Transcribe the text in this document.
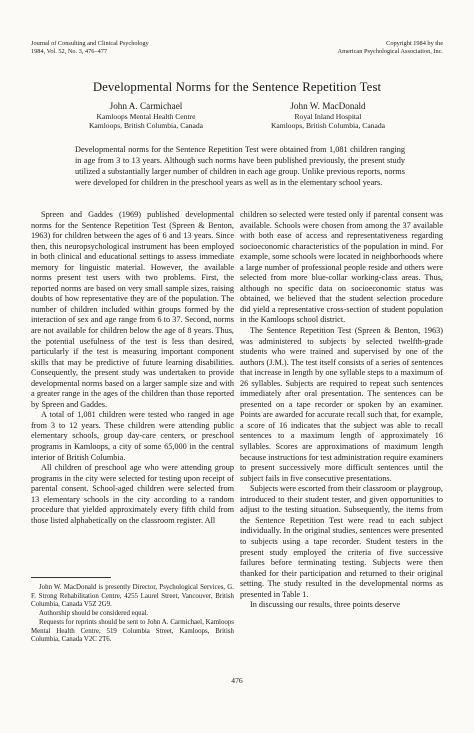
Journal of Consulting and Clinical Psychology
1984, Vol. 52, No. 3, 476–477
Copyright 1984 by the
American Psychological Association, Inc.
Developmental Norms for the Sentence Repetition Test
John A. Carmichael
Kamloops Mental Health Centre
Kamloops, British Columbia, Canada
John W. MacDonald
Royal Inland Hospital
Kamloops, British Columbia, Canada
Developmental norms for the Sentence Repetition Test were obtained from 1,081 children ranging in age from 3 to 13 years. Although such norms have been published previously, the present study utilized a substantially larger number of children in each age group. Unlike previous reports, norms were developed for children in the preschool years as well as in the elementary school years.

Spreen and Gaddes (1969) published developmental norms for the Sentence Repetition Test (Spreen & Benton, 1963) for children between the ages of 6 and 13 years. Since then, this neuropsychological instrument has been employed in both clinical and educational settings to assess immediate memory for linguistic material. However, the available norms present test users with two problems. First, the reported norms are based on very small sample sizes, raising doubts of how representative they are of the population. The number of children included within groups formed by the interaction of sex and age range from 6 to 37. Second, norms are not available for children below the age of 8 years. Thus, the potential usefulness of the test is less than desired, particularly if the test is measuring important component skills that may be predictive of future learning disabilities. Consequently, the present study was undertaken to provide developmental norms based on a larger sample size and with a greater range in the ages of the children than those reported by Spreen and Gaddes.

A total of 1,081 children were tested who ranged in age from 3 to 12 years. These children were attending public elementary schools, group day-care centers, or preschool programs in Kamloops, a city of some 65,000 in the central interior of British Columbia.

All children of preschool age who were attending group programs in the city were selected for testing upon receipt of parental consent. School-aged children were selected from 13 elementary schools in the city according to a random procedure that yielded approximately every fifth child from those listed alphabetically on the classroom register. All

John W. MacDonald is presently Director, Psychological Services, G. F. Strong Rehabilitation Centre, 4255 Laurel Street, Vancouver, British Columbia, Canada V5Z 2G9.

Authorship should be considered equal.

Requests for reprints should be sent to John A. Carmichael, Kamloops Mental Health Centre, 519 Columbia Street, Kamloops, British Columbia, Canada V2C 2T6.

children so selected were tested only if parental consent was available. Schools were chosen from among the 37 available with both ease of access and representativeness regarding socioeconomic characteristics of the population in mind. For example, some schools were located in neighborhoods where a large number of professional people reside and others were selected from more blue-collar working-class areas. Thus, although no specific data on socioeconomic status was obtained, we believed that the student selection procedure did yield a representative cross-section of student population in the Kamloops school district.

The Sentence Repetition Test (Spreen & Benton, 1963) was administered to subjects by selected twelfth-grade students who were trained and supervised by one of the authors (J.M.). The test itself consists of a series of sentences that increase in length by one syllable steps to a maximum of 26 syllables. Subjects are required to repeat such sentences immediately after oral presentation. The sentences can be presented on a tape recorder or spoken by an examiner. Points are awarded for accurate recall such that, for example, a score of 16 indicates that the subject was able to recall sentences to a maximum length of approximately 16 syllables. Scores are approximations of maximum length because instructions for test administration require examiners to present successively more difficult sentences until the subject fails in five consecutive presentations.

Subjects were escorted from their classroom or playgroup, introduced to their student tester, and given opportunities to adjust to the testing situation. Subsequently, the items from the Sentence Repetition Test were read to each subject individually. In the original studies, sentences were presented to subjects using a tape recorder. Student testers in the present study employed the criteria of five successive failures before terminating testing. Subjects were then thanked for their participation and returned to their original setting. The study resulted in the developmental norms as presented in Table 1.

In discussing our results, three points deserve

476
